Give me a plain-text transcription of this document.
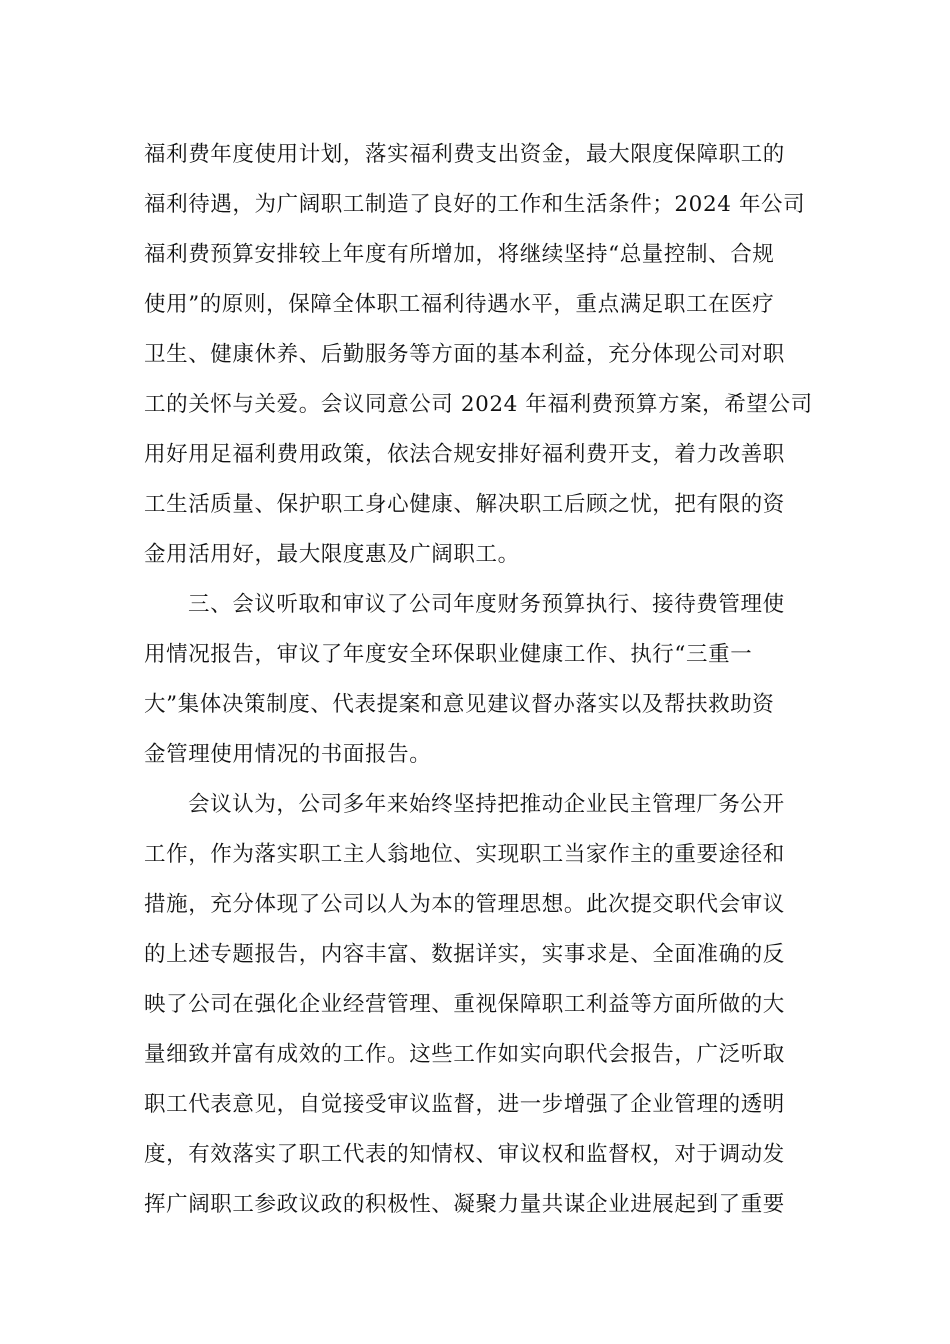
福利费年度使用计划，落实福利费支出资金，最大限度保障职工的
福利待遇，为广阔职工制造了良好的工作和生活条件；2024 年公司
福利费预算安排较上年度有所增加，将继续坚持“总量控制、合规
使用”的原则，保障全体职工福利待遇水平，重点满足职工在医疗
卫生、健康休养、后勤服务等方面的基本利益，充分体现公司对职
工的关怀与关爱。会议同意公司 2024 年福利费预算方案，希望公司
用好用足福利费用政策，依法合规安排好福利费开支，着力改善职
工生活质量、保护职工身心健康、解决职工后顾之忧，把有限的资
金用活用好，最大限度惠及广阔职工。
三、会议听取和审议了公司年度财务预算执行、接待费管理使
用情况报告，审议了年度安全环保职业健康工作、执行“三重一
大”集体决策制度、代表提案和意见建议督办落实以及帮扶救助资
金管理使用情况的书面报告。
会议认为，公司多年来始终坚持把推动企业民主管理厂务公开
工作，作为落实职工主人翁地位、实现职工当家作主的重要途径和
措施，充分体现了公司以人为本的管理思想。此次提交职代会审议
的上述专题报告，内容丰富、数据详实，实事求是、全面准确的反
映了公司在强化企业经营管理、重视保障职工利益等方面所做的大
量细致并富有成效的工作。这些工作如实向职代会报告，广泛听取
职工代表意见，自觉接受审议监督，进一步增强了企业管理的透明
度，有效落实了职工代表的知情权、审议权和监督权，对于调动发
挥广阔职工参政议政的积极性、凝聚力量共谋企业进展起到了重要
